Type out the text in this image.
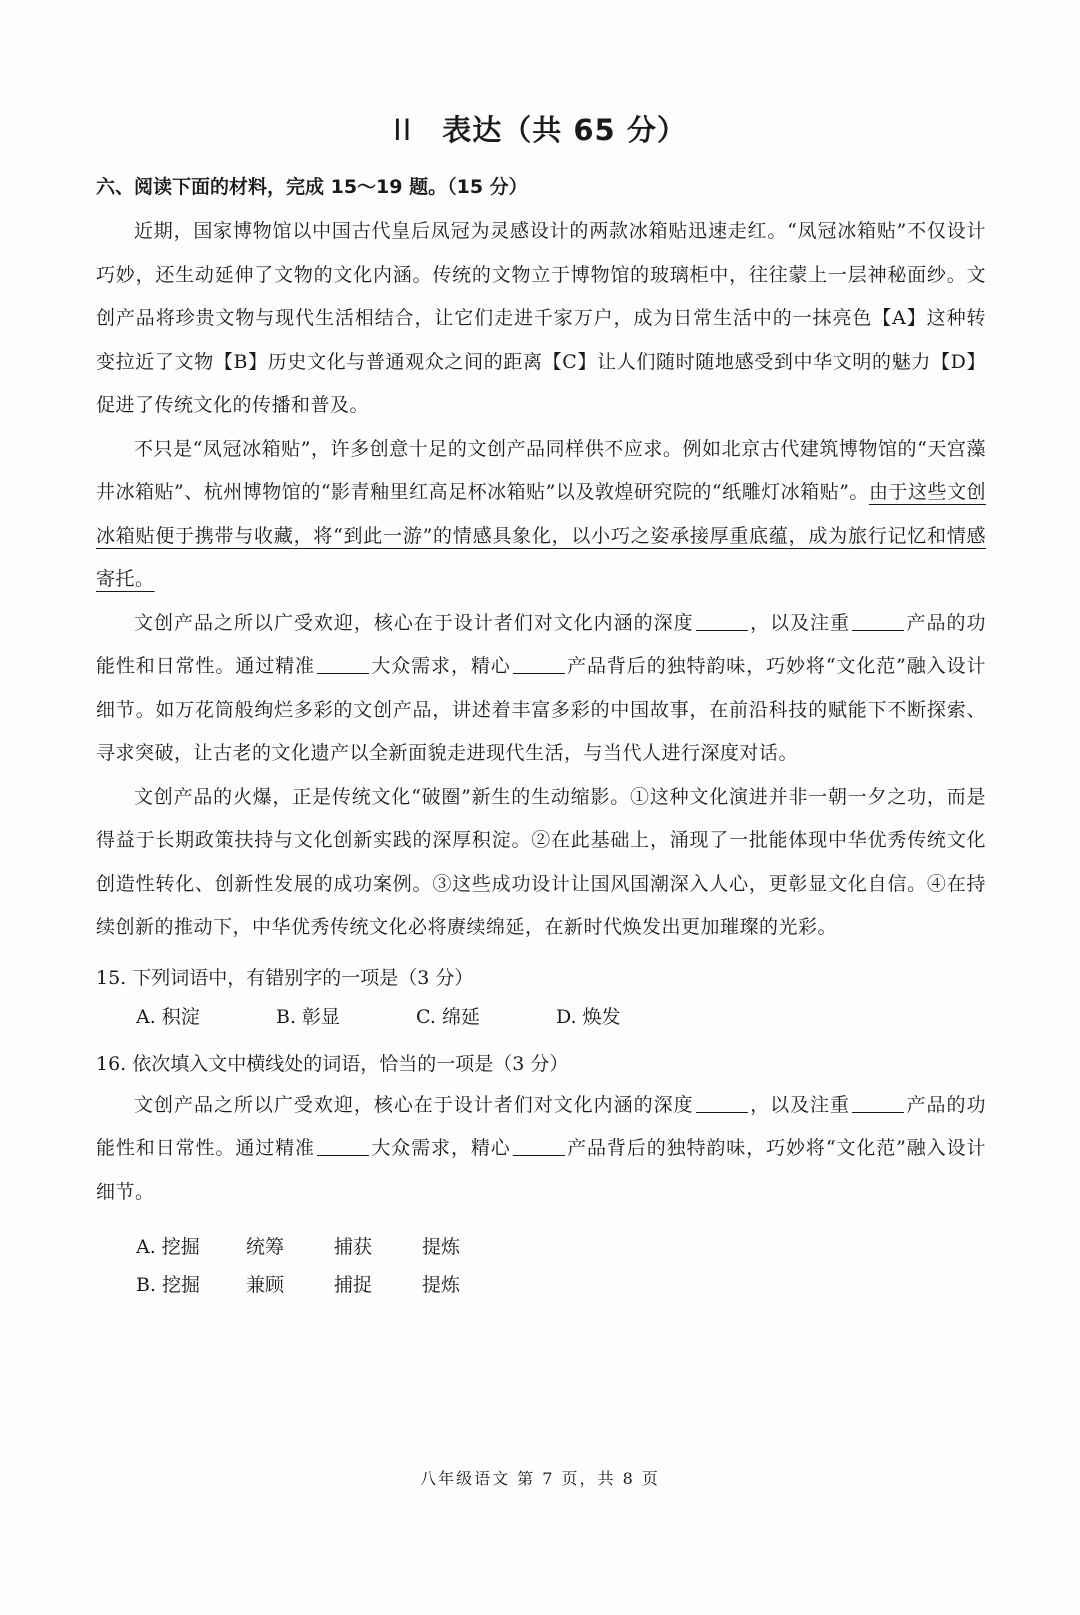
II 表达（共 65 分）
六、阅读下面的材料，完成 15～19 题。（15 分）

近期，国家博物馆以中国古代皇后凤冠为灵感设计的两款冰箱贴迅速走红。“凤冠冰箱贴”不仅设计巧妙，还生动延伸了文物的文化内涵。传统的文物立于博物馆的玻璃柜中，往往蒙上一层神秘面纱。文创产品将珍贵文物与现代生活相结合，让它们走进千家万户，成为日常生活中的一抹亮色【A】这种转变拉近了文物【B】历史文化与普通观众之间的距离【C】让人们随时随地感受到中华文明的魅力【D】促进了传统文化的传播和普及。

不只是“凤冠冰箱贴”，许多创意十足的文创产品同样供不应求。例如北京古代建筑博物馆的“天宫藻井冰箱贴”、杭州博物馆的“影青釉里红高足杯冰箱贴”以及敦煌研究院的“纸雕灯冰箱贴”。由于这些文创冰箱贴便于携带与收藏，将“到此一游”的情感具象化，以小巧之姿承接厚重底蕴，成为旅行记忆和情感寄托。

文创产品之所以广受欢迎，核心在于设计者们对文化内涵的深度	，以及注重	产品的功能性和日常性。通过精准	大众需求，精心	产品背后的独特韵味，巧妙将“文化范”融入设计细节。如万花筒般绚烂多彩的文创产品，讲述着丰富多彩的中国故事，在前沿科技的赋能下不断探索、寻求突破，让古老的文化遗产以全新面貌走进现代生活，与当代人进行深度对话。

文创产品的火爆，正是传统文化“破圈”新生的生动缩影。①这种文化演进并非一朝一夕之功，而是得益于长期政策扶持与文化创新实践的深厚积淀。②在此基础上，涌现了一批能体现中华优秀传统文化创造性转化、创新性发展的成功案例。③这些成功设计让国风国潮深入人心，更彰显文化自信。④在持续创新的推动下，中华优秀传统文化必将赓续绵延，在新时代焕发出更加璀璨的光彩。

15. 下列词语中，有错别字的一项是（3 分）
A. 积淀	B. 彰显	C. 绵延	D. 焕发
16. 依次填入文中横线处的词语，恰当的一项是（3 分）

文创产品之所以广受欢迎，核心在于设计者们对文化内涵的深度	，以及注重	产品的功能性和日常性。通过精准	大众需求，精心	产品背后的独特韵味，巧妙将“文化范”融入设计细节。

A. 挖掘	统筹	捕获	提炼
B. 挖掘	兼顾	捕捉	提炼
八年级语文 第 7 页，共 8 页
